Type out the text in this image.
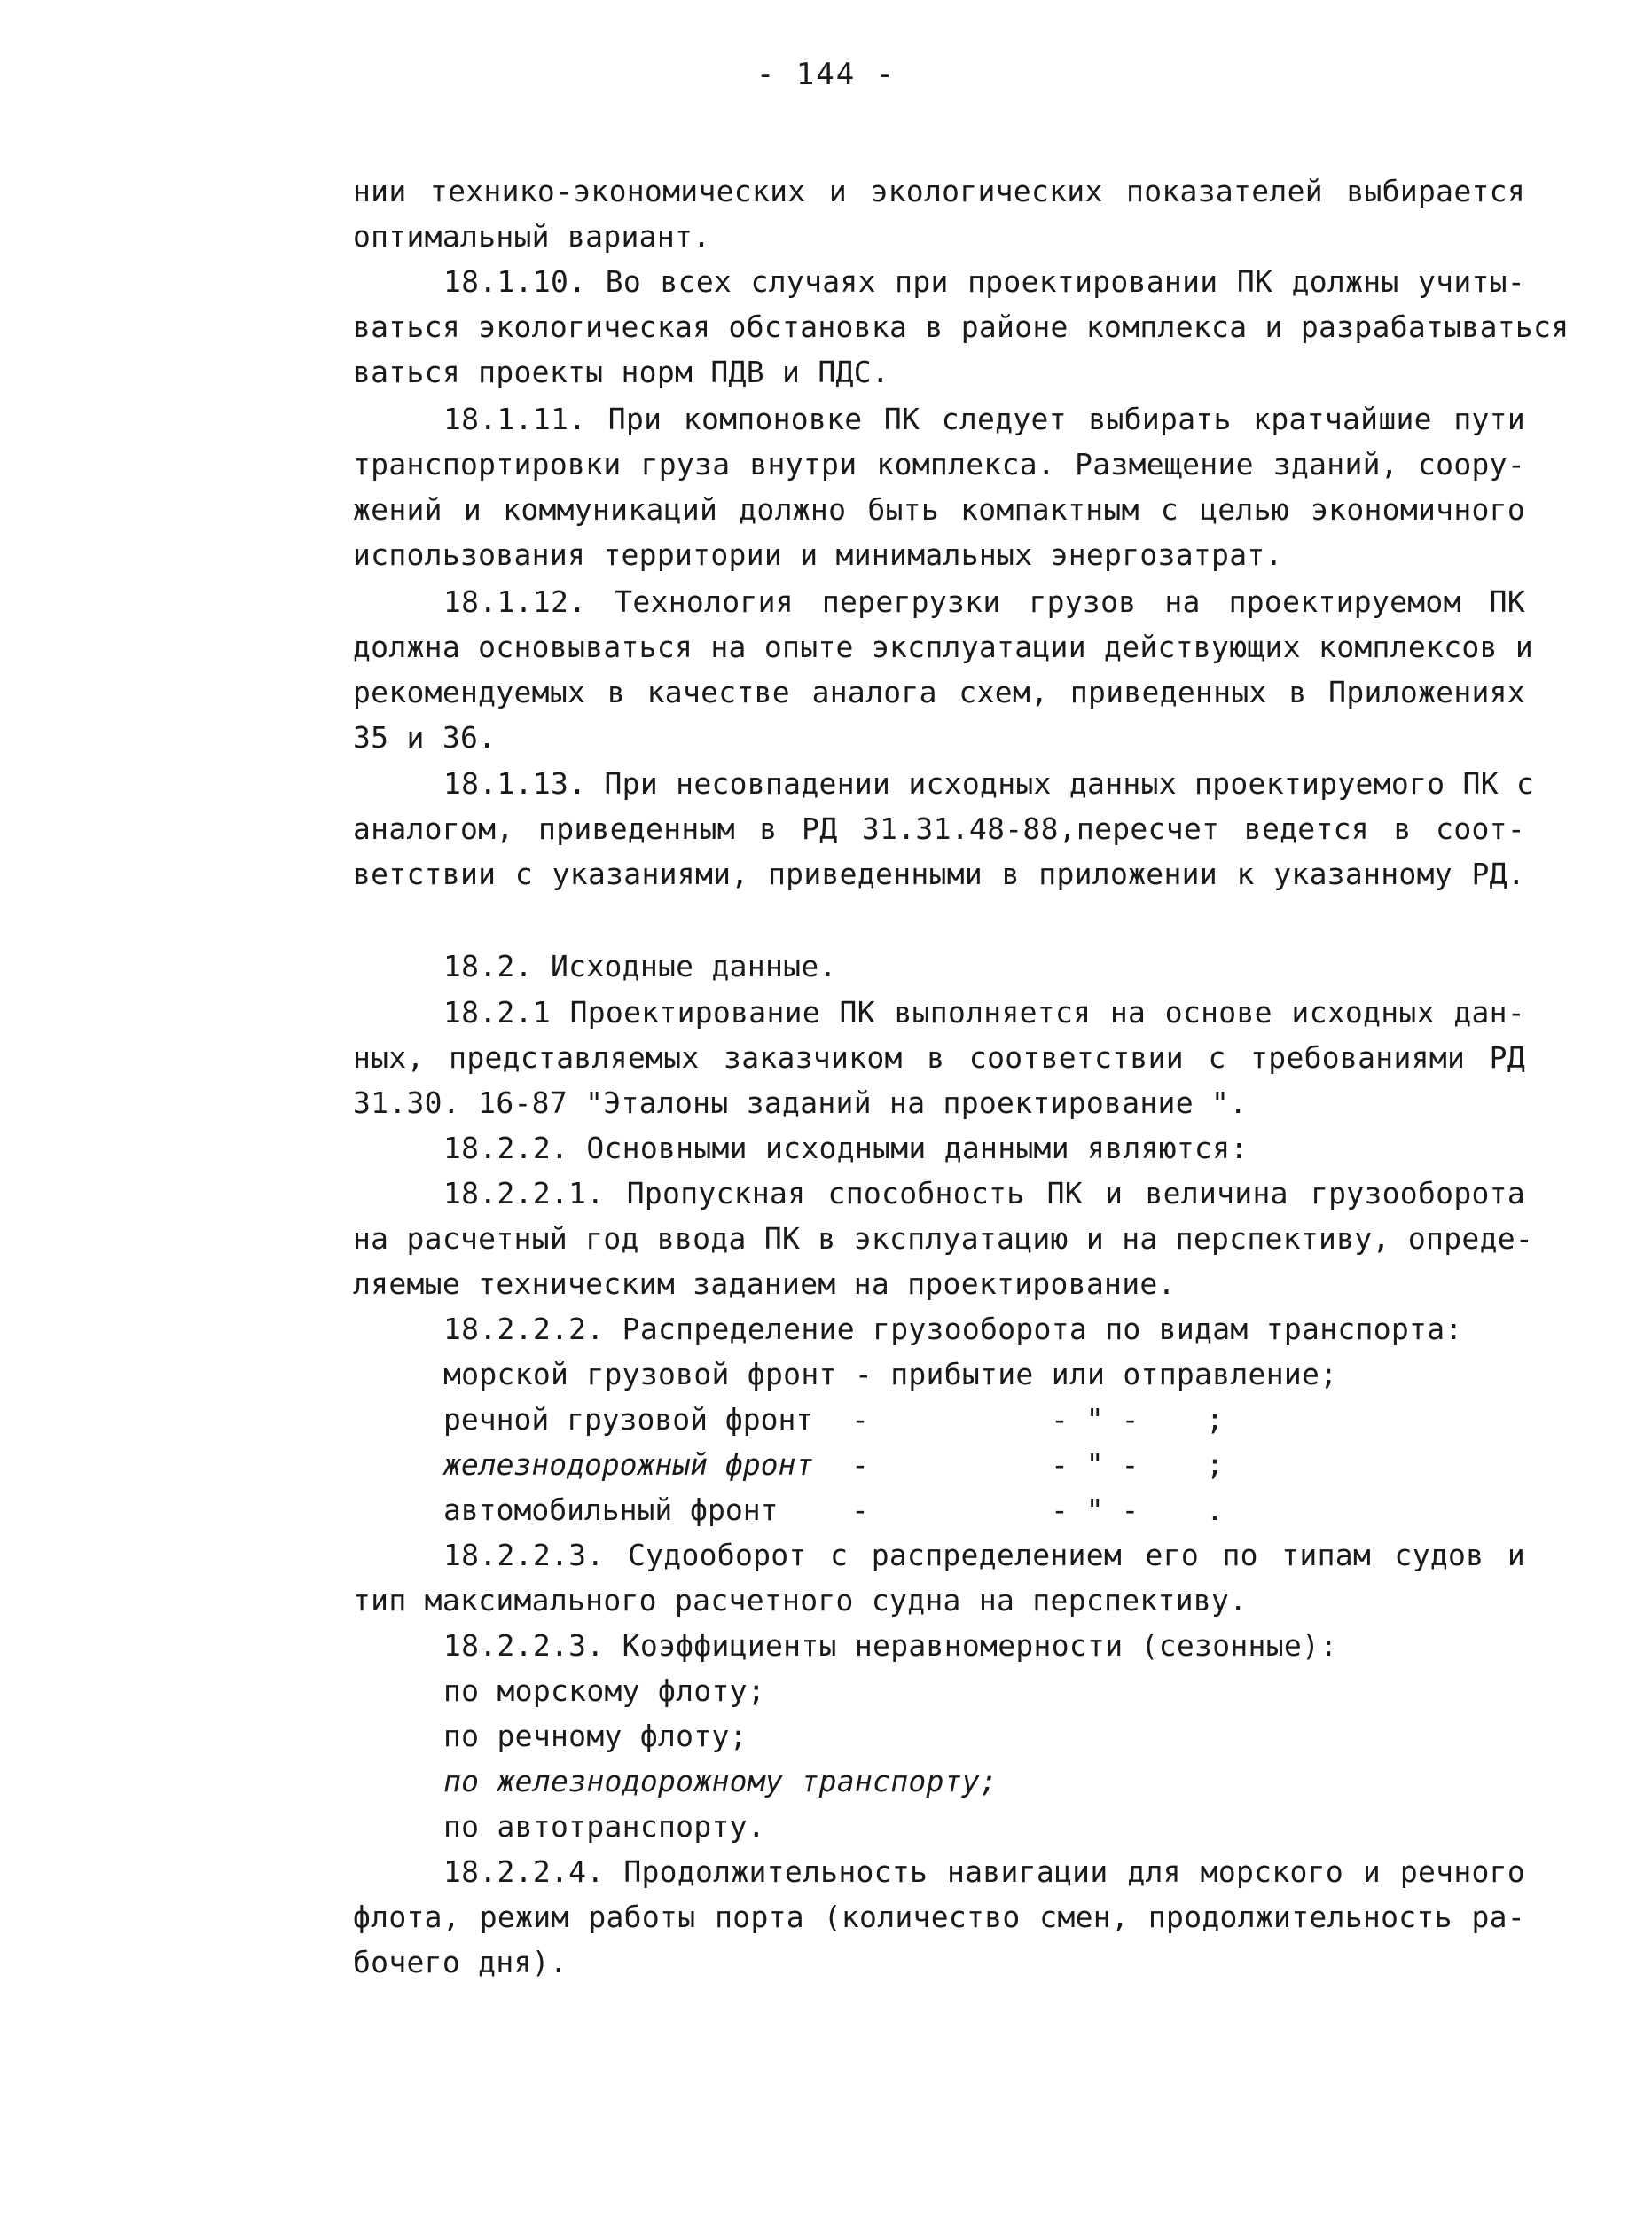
- 144 -
нии технико-экономических и экологических показателей выбирается
оптимальный вариант.
18.1.10. Во всех случаях при проектировании ПК должны учиты-
ваться экологическая обстановка в районе комплекса и разрабатываться
ваться проекты норм ПДВ и ПДС.
18.1.11. При компоновке ПК следует выбирать кратчайшие пути
транспортировки груза внутри комплекса. Размещение зданий, соору-
жений и коммуникаций должно быть компактным с целью экономичного
использования территории и минимальных энергозатрат.
18.1.12. Технология перегрузки грузов на проектируемом ПК
должна основываться на опыте эксплуатации действующих комплексов и
рекомендуемых в качестве аналога схем, приведенных в Приложениях
35 и 36.
18.1.13. При несовпадении исходных данных проектируемого ПК с
аналогом, приведенным в РД 31.31.48-88,пересчет ведется в соот-
ветствии с указаниями, приведенными в приложении к указанному РД.
18.2. Исходные данные.
18.2.1 Проектирование ПК выполняется на основе исходных дан-
ных, представляемых заказчиком в соответствии с требованиями РД
31.30. 16-87 "Эталоны заданий на проектирование ".
18.2.2. Основными исходными данными являются:
18.2.2.1. Пропускная способность ПК и величина грузооборота
на расчетный год ввода ПК в эксплуатацию и на перспективу, опреде-
ляемые техническим заданием на проектирование.
18.2.2.2. Распределение грузооборота по видам транспорта:
морской грузовой фронт - прибытие или отправление;
речной грузовой фронт -	- " - ;
железнодорожный фронт -	- " - ;
автомобильный фронт	-	- " - .
18.2.2.3. Судооборот с распределением его по типам судов и
тип максимального расчетного судна на перспективу.
18.2.2.3. Коэффициенты неравномерности (сезонные):
по морскому флоту;
по речному флоту;
по железнодорожному транспорту;
по автотранспорту.
18.2.2.4. Продолжительность навигации для морского и речного
флота, режим работы порта (количество смен, продолжительность ра-
бочего дня).
